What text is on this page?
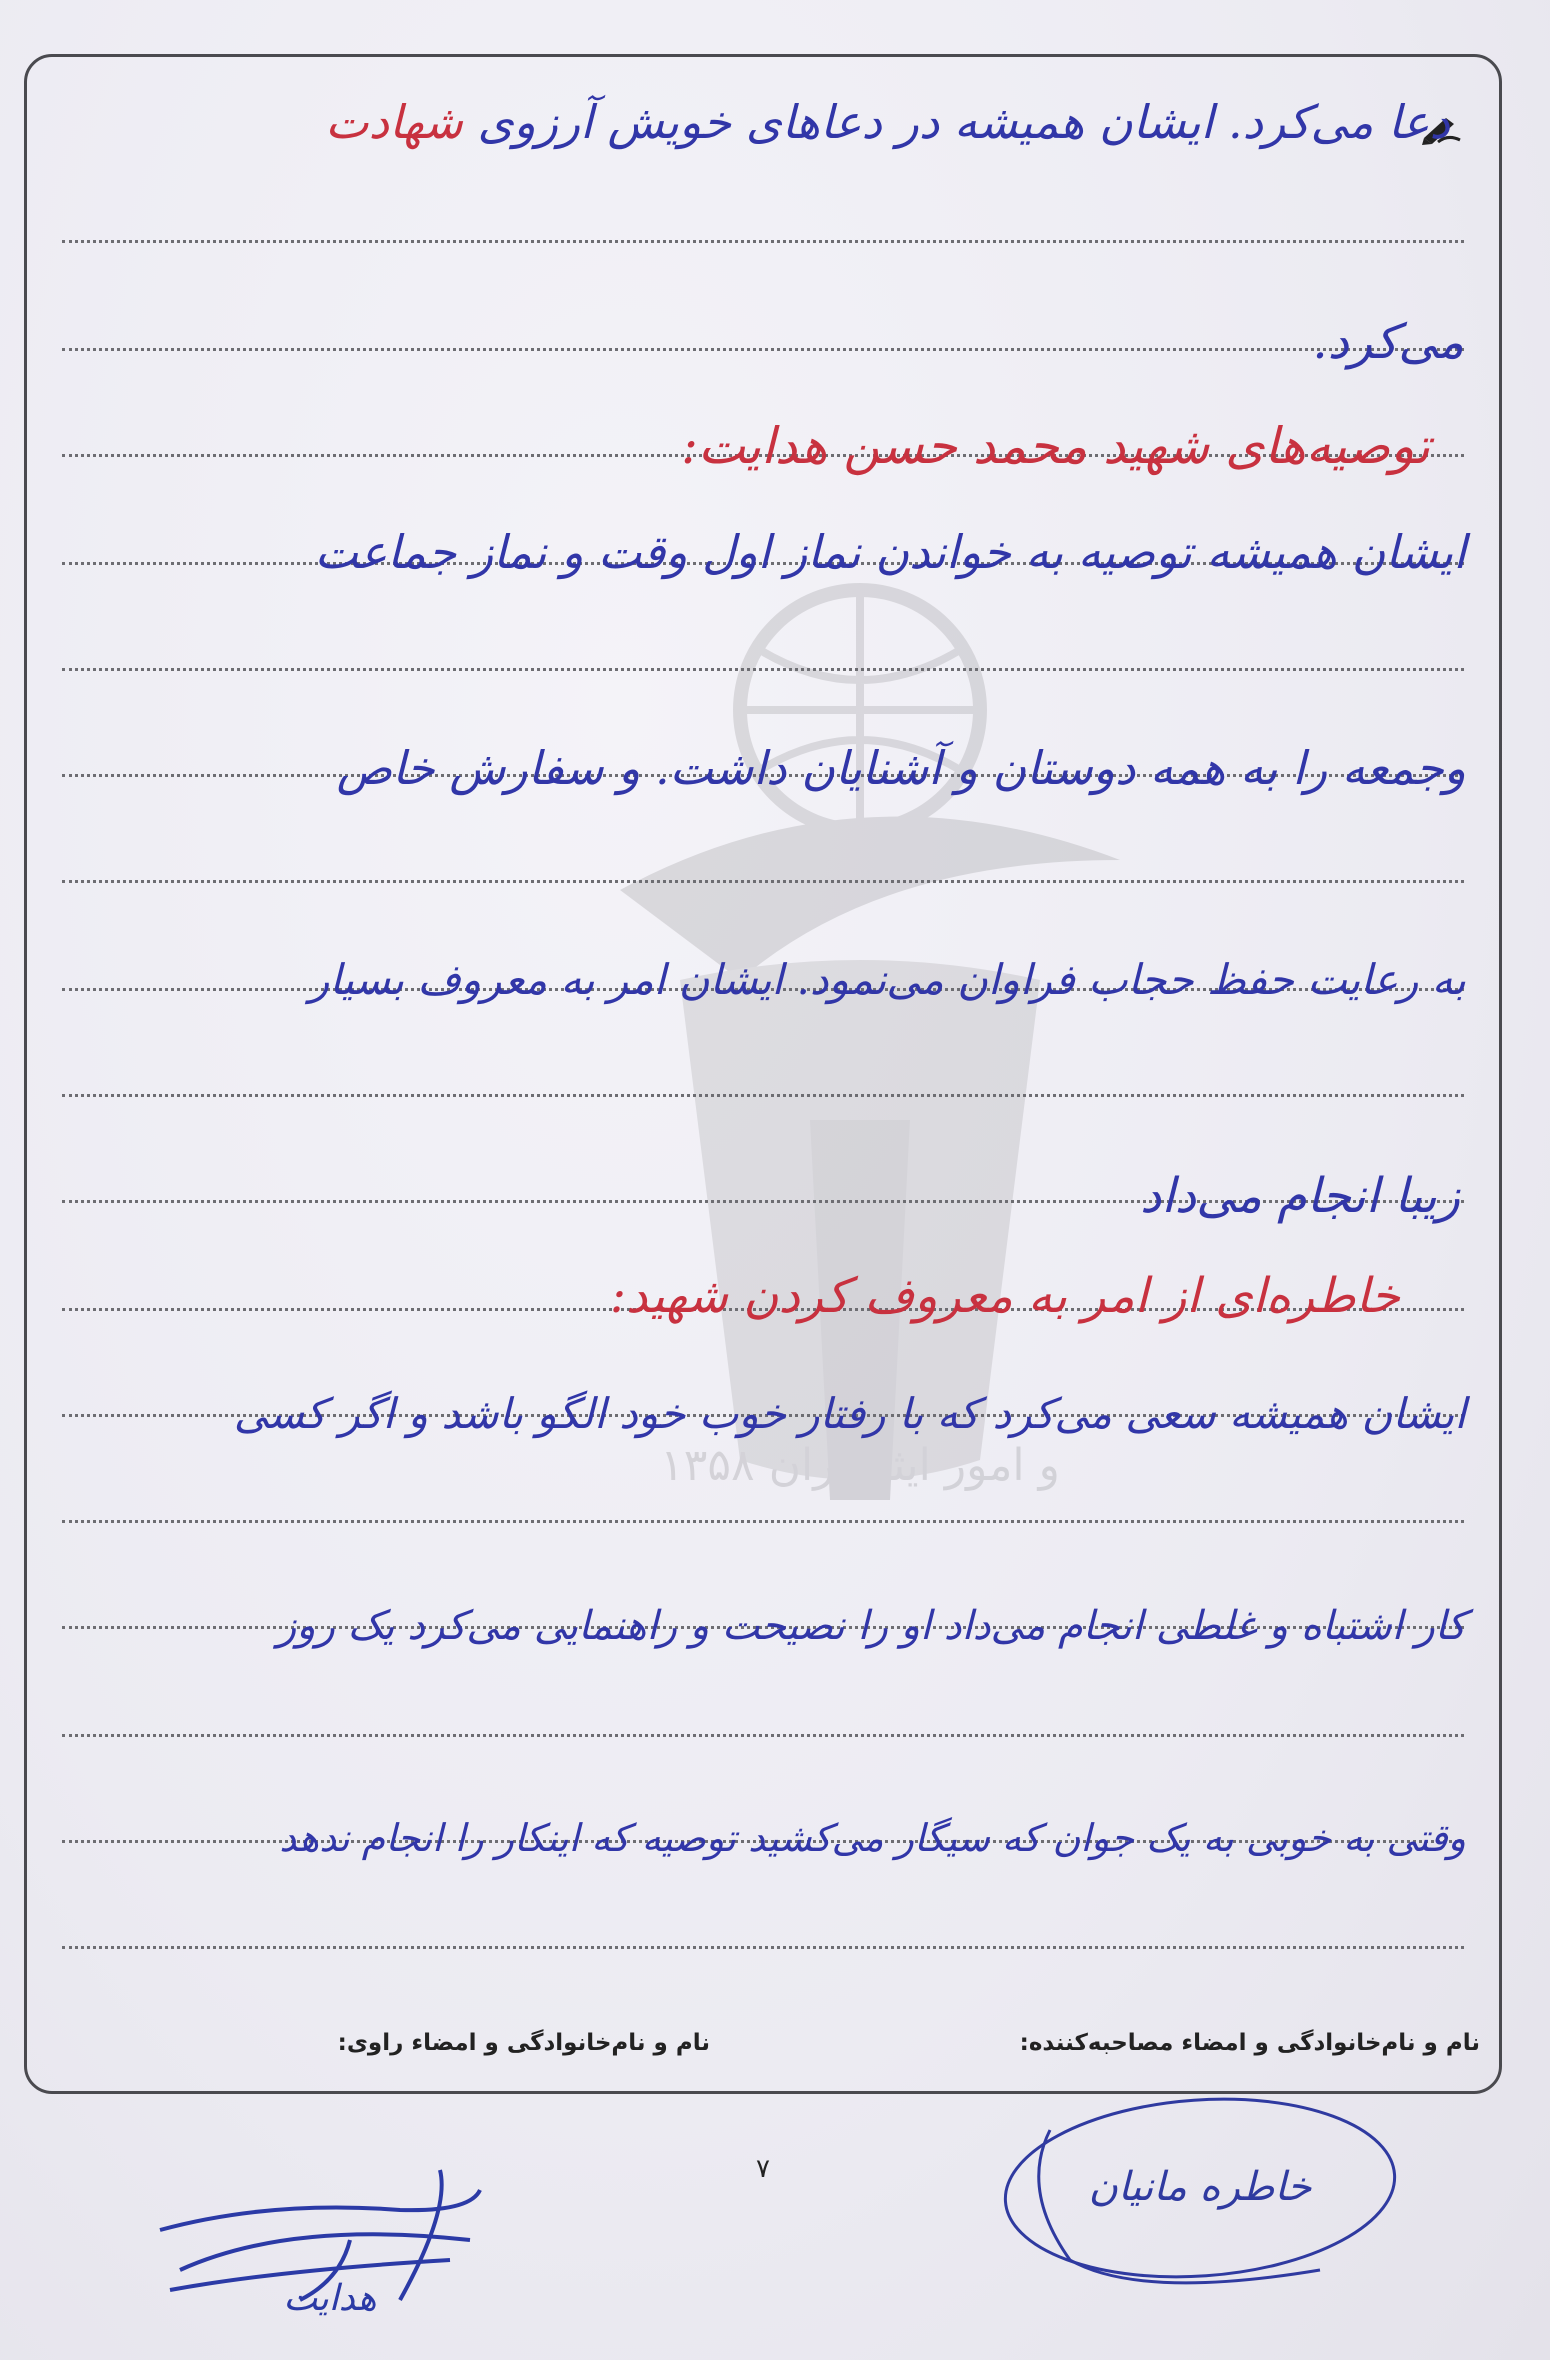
۱۳۵۸ و امور ایثارگران
دعا می‌کرد. ایشان همیشه در دعاهای خویش آرزوی شهادت
می‌کرد.
توصیه‌های شهید محمد حسن هدایت:
ایشان همیشه توصیه به خواندن نماز اول وقت و نماز جماعت
وجمعه را به همه دوستان و آشنایان داشت. و سفارش خاص
به رعایت حفظ حجاب فراوان می‌نمود. ایشان امر به معروف بسیار
زیبا انجام می‌داد
خاطره‌ای از امر به معروف کردن شهید:
ایشان همیشه سعی می‌کرد که با رفتار خوب خود الگو باشد و اگر کسی
کار اشتباه و غلطی انجام می‌داد او را نصیحت و راهنمایی می‌کرد یک روز
وقتی به خوبی به یک جوان که سیگار می‌کشید توصیه که اینکار را انجام ندهد
نام و نام‌خانوادگی و امضاء مصاحبه‌کننده:
نام و نام‌خانوادگی و امضاء راوی:
۷	خاطره مانیان
هدایت
